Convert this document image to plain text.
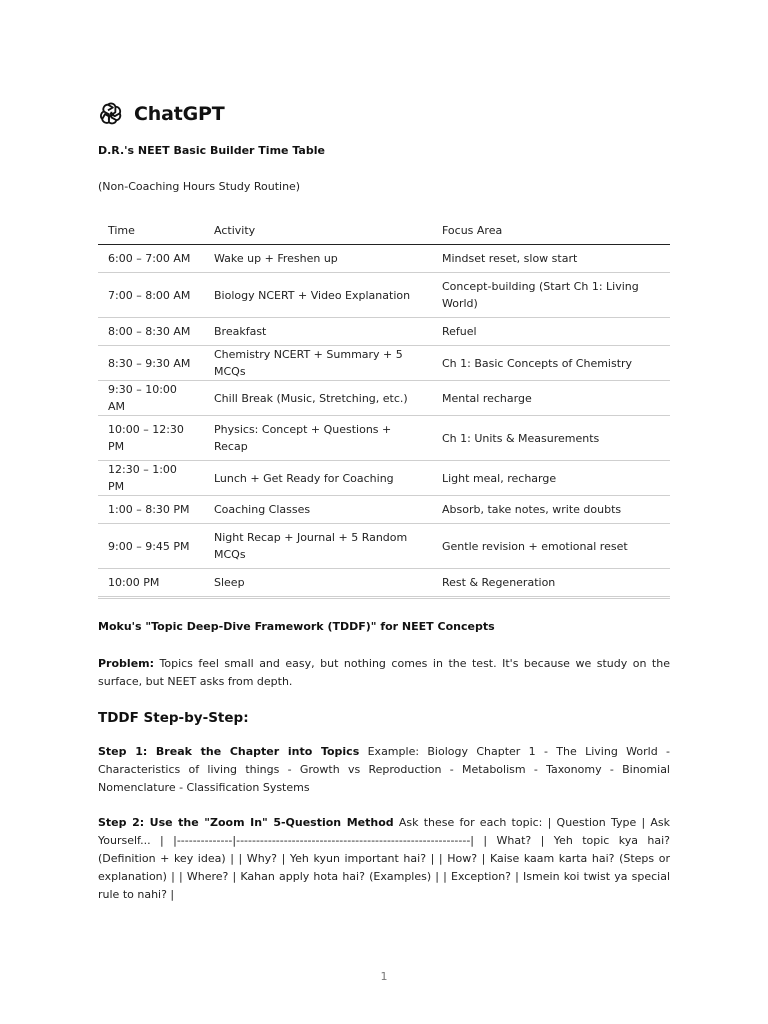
ChatGPT
D.R.'s NEET Basic Builder Time Table
(Non-Coaching Hours Study Routine)
Time	Activity	Focus Area
6:00 – 7:00 AM	Wake up + Freshen up	Mindset reset, slow start
7:00 – 8:00 AM	Biology NCERT + Video Explanation	Concept-building (Start Ch 1: Living World)
8:00 – 8:30 AM	Breakfast	Refuel
8:30 – 9:30 AM	Chemistry NCERT + Summary + 5 MCQs	Ch 1: Basic Concepts of Chemistry
9:30 – 10:00 AM	Chill Break (Music, Stretching, etc.)	Mental recharge
10:00 – 12:30 PM	Physics: Concept + Questions + Recap	Ch 1: Units & Measurements
12:30 – 1:00 PM	Lunch + Get Ready for Coaching	Light meal, recharge
1:00 – 8:30 PM	Coaching Classes	Absorb, take notes, write doubts
9:00 – 9:45 PM	Night Recap + Journal + 5 Random MCQs	Gentle revision + emotional reset
10:00 PM	Sleep	Rest & Regeneration
Moku's "Topic Deep-Dive Framework (TDDF)" for NEET Concepts
Problem: Topics feel small and easy, but nothing comes in the test. It's because we study on the surface, but NEET asks from depth.
TDDF Step-by-Step:
Step 1: Break the Chapter into Topics Example: Biology Chapter 1 - The Living World - Characteristics of living things - Growth vs Reproduction - Metabolism - Taxonomy - Binomial Nomenclature - Classification Systems
Step 2: Use the "Zoom In" 5-Question Method Ask these for each topic: | Question Type | Ask Yourself... | |--------------|-----------------------------------------------------------| | What? | Yeh topic kya hai? (Definition + key idea) | | Why? | Yeh kyun important hai? | | How? | Kaise kaam karta hai? (Steps or explanation) | | Where? | Kahan apply hota hai? (Examples) | | Exception? | Ismein koi twist ya special rule to nahi? |
1
